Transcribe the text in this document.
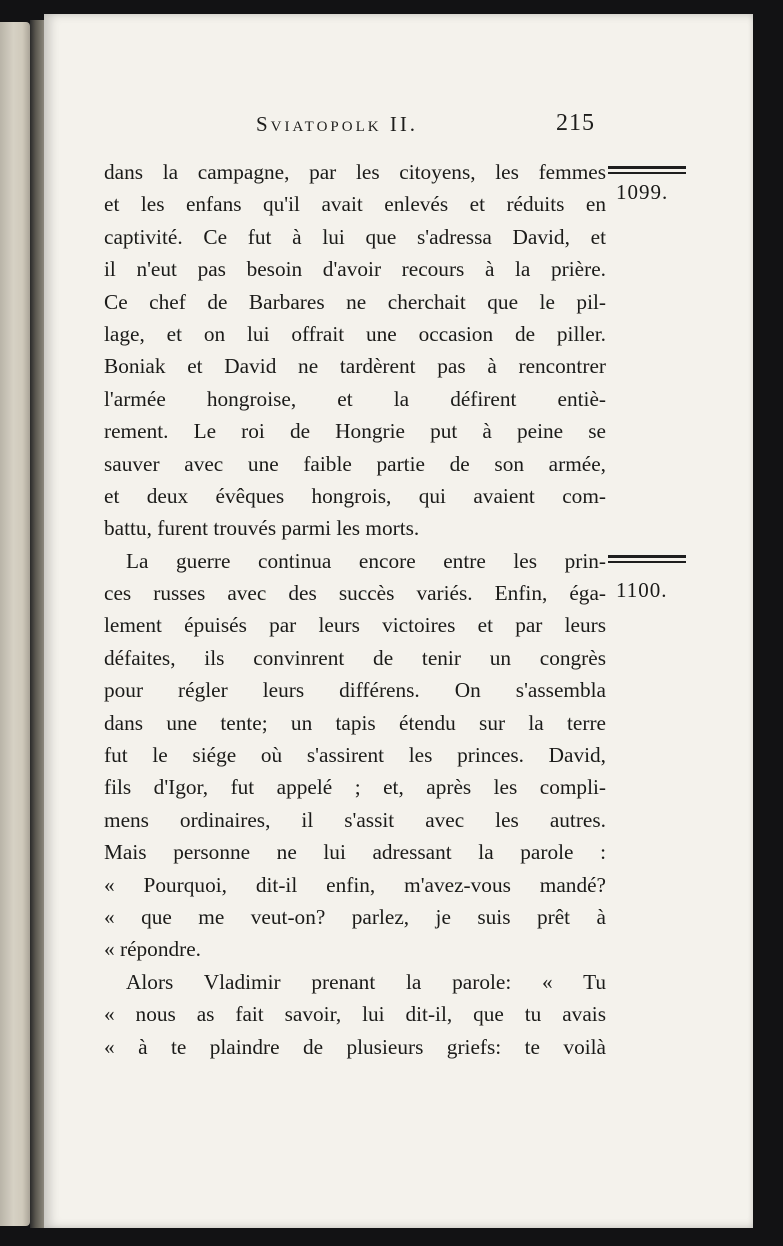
Sviatopolk II.	215
1099.
1100.
dans la campagne, par les citoyens, les femmes
et les enfans qu'il avait enlevés et réduits en
captivité. Ce fut à lui que s'adressa David, et
il n'eut pas besoin d'avoir recours à la prière.
Ce chef de Barbares ne cherchait que le pil-
lage, et on lui offrait une occasion de piller.
Boniak et David ne tardèrent pas à rencontrer
l'armée hongroise, et la défirent entiè-
rement. Le roi de Hongrie put à peine se
sauver avec une faible partie de son armée,
et deux évêques hongrois, qui avaient com-
battu, furent trouvés parmi les morts.
La guerre continua encore entre les prin-
ces russes avec des succès variés. Enfin, éga-
lement épuisés par leurs victoires et par leurs
défaites, ils convinrent de tenir un congrès
pour régler leurs différens. On s'assembla
dans une tente; un tapis étendu sur la terre
fut le siége où s'assirent les princes. David,
fils d'Igor, fut appelé ; et, après les compli-
mens ordinaires, il s'assit avec les autres.
Mais personne ne lui adressant la parole :
« Pourquoi, dit-il enfin, m'avez-vous mandé?
« que me veut-on? parlez, je suis prêt à
« répondre.
Alors Vladimir prenant la parole: « Tu
« nous as fait savoir, lui dit-il, que tu avais
« à te plaindre de plusieurs griefs: te voilà
